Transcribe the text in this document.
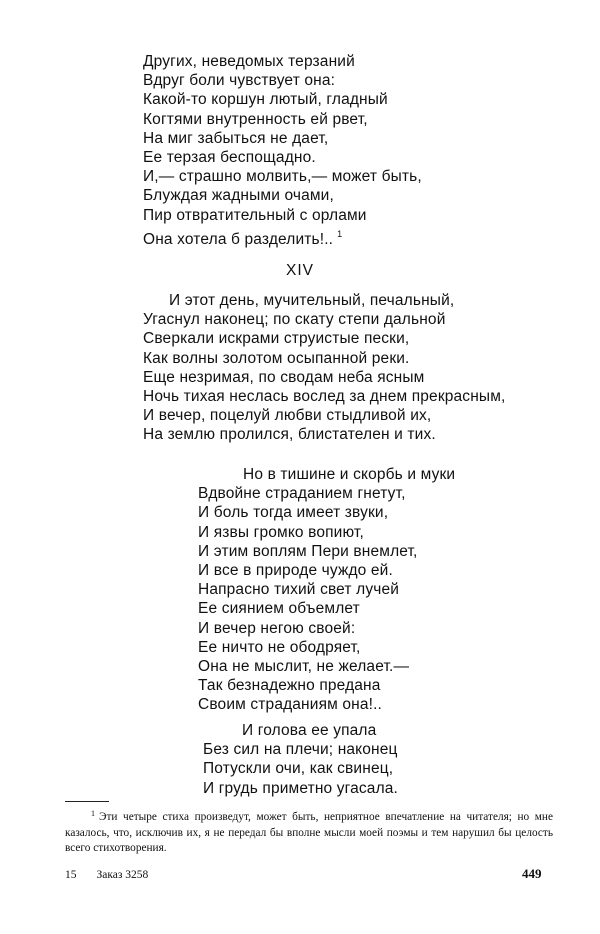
Других, неведомых терзаний
Вдруг боли чувствует она:
Какой-то коршун лютый, гладный
Когтями внутренность ей рвет,
На миг забыться не дает,
Ее терзая беспощадно.
И,— страшно молвить,— может быть,
Блуждая жадными очами,
Пир отвратительный с орлами
Она хотела б разделить!.. $^1$
XIV
И этот день, мучительный, печальный,
Угаснул наконец; по скату степи дальной
Сверкали искрами струистые пески,
Как волны золотом осыпанной реки.
Еще незримая, по сводам неба ясным
Ночь тихая неслась вослед за днем прекрасным,
И вечер, поцелуй любви стыдливой их,
На землю пролился, блистателен и тих.
Но в тишине и скорбь и муки
Вдвойне страданием гнетут,
И боль тогда имеет звуки,
И язвы громко вопиют,
И этим воплям Пери внемлет,
И все в природе чуждо ей.
Напрасно тихий свет лучей
Ее сиянием объемлет
И вечер негою своей:
Ее ничто не ободряет,
Она не мыслит, не желает.—
Так безнадежно предана
Своим страданиям она!..
И голова ее упала
Без сил на плечи; наконец
Потускли очи, как свинец,
И грудь приметно угасала.

$^1$ Эти четыре стиха произведут, может быть, неприятное впечатление на читателя; но мне казалось, что, исключив их, я не передал бы вполне мысли моей поэмы и тем нарушил бы целость всего стихотворения.

15 Заказ 3258	449
